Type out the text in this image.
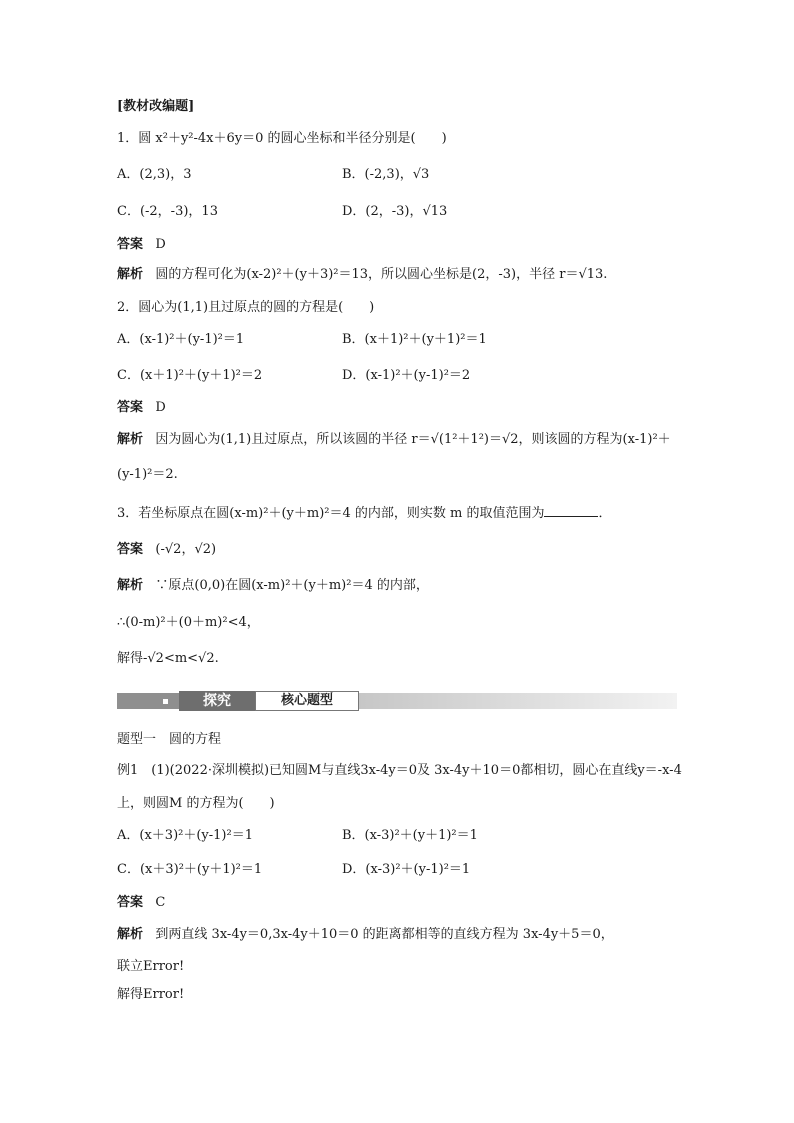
[教材改编题]
1．圆 x²＋y²-4x＋6y＝0 的圆心坐标和半径分别是(　　)
A．(2,3)，3	B．(-2,3)，√3
C．(-2，-3)，13	D．(2，-3)，√13
答案 D
解析 圆的方程可化为(x-2)²＋(y＋3)²＝13，所以圆心坐标是(2，-3)，半径 r＝√13.
2．圆心为(1,1)且过原点的圆的方程是(　　)
A．(x-1)²＋(y-1)²＝1	B．(x＋1)²＋(y＋1)²＝1
C．(x＋1)²＋(y＋1)²＝2	D．(x-1)²＋(y-1)²＝2
答案 D
解析 因为圆心为(1,1)且过原点，所以该圆的半径 r＝√(1²＋1²)＝√2，则该圆的方程为(x-1)²＋
(y-1)²＝2.
3．若坐标原点在圆(x-m)²＋(y＋m)²＝4 的内部，则实数 m 的取值范围为	．
答案 (-√2，√2)
解析 ∵原点(0,0)在圆(x-m)²＋(y＋m)²＝4 的内部，
∴(0-m)²＋(0＋m)²<4，
解得-√2<m<√2.
探究	核心题型
题型一　圆的方程
例1　(1)(2022·深圳模拟)已知圆M与直线3x-4y＝0及 3x-4y＋10＝0都相切，圆心在直线y＝-x-4
上，则圆M 的方程为(　　)
A．(x＋3)²＋(y-1)²＝1	B．(x-3)²＋(y＋1)²＝1
C．(x＋3)²＋(y＋1)²＝1	D．(x-3)²＋(y-1)²＝1
答案 C
解析 到两直线 3x-4y＝0,3x-4y＋10＝0 的距离都相等的直线方程为 3x-4y＋5＝0，
联立Error!
解得Error!
